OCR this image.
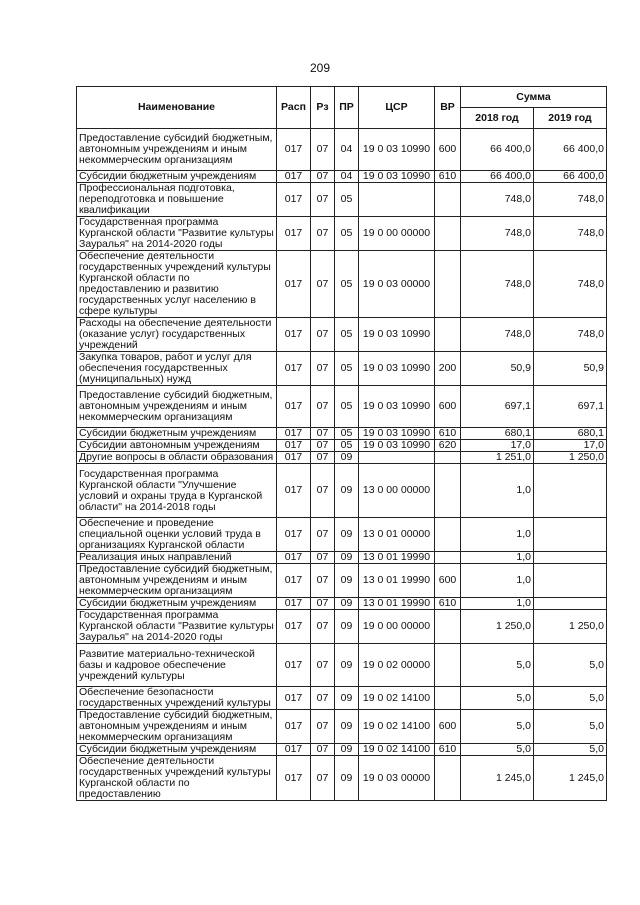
209
Наименование	Расп	Рз	ПР	ЦСР	ВР	Сумма	
						2018 год	2019 год
Предоставление субсидий бюджетным, автономным учреждениям и иным некоммерческим организациям	017	07	04	19 0 03 10990	600	66 400,0	66 400,0
Субсидии бюджетным учреждениям	017	07	04	19 0 03 10990	610	66 400,0	66 400,0
Профессиональная подготовка, переподготовка и повышение квалификации	017	07	05			748,0	748,0
Государственная программа Курганской области "Развитие культуры Зауралья" на 2014-2020 годы	017	07	05	19 0 00 00000		748,0	748,0
Обеспечение деятельности государственных учреждений культуры Курганской области по предоставлению и развитию государственных услуг населению в сфере культуры	017	07	05	19 0 03 00000		748,0	748,0
Расходы на обеспечение деятельности (оказание услуг) государственных учреждений	017	07	05	19 0 03 10990		748,0	748,0
Закупка товаров, работ и услуг для обеспечения государственных (муниципальных) нужд	017	07	05	19 0 03 10990	200	50,9	50,9
Предоставление субсидий бюджетным, автономным учреждениям и иным некоммерческим организациям	017	07	05	19 0 03 10990	600	697,1	697,1
Субсидии бюджетным учреждениям	017	07	05	19 0 03 10990	610	680,1	680,1
Субсидии автономным учреждениям	017	07	05	19 0 03 10990	620	17,0	17,0
Другие вопросы в области образования	017	07	09			1 251,0	1 250,0
Государственная программа Курганской области "Улучшение условий и охраны труда в Курганской области" на 2014-2018 годы	017	07	09	13 0 00 00000		1,0	
Обеспечение и проведение специальной оценки условий труда в организациях Курганской области	017	07	09	13 0 01 00000		1,0	
Реализация иных направлений	017	07	09	13 0 01 19990		1,0	
Предоставление субсидий бюджетным, автономным учреждениям и иным некоммерческим организациям	017	07	09	13 0 01 19990	600	1,0	
Субсидии бюджетным учреждениям	017	07	09	13 0 01 19990	610	1,0	
Государственная программа Курганской области "Развитие культуры Зауралья" на 2014-2020 годы	017	07	09	19 0 00 00000		1 250,0	1 250,0
Развитие материально-технической базы и кадровое обеспечение учреждений культуры	017	07	09	19 0 02 00000		5,0	5,0
Обеспечение безопасности государственных учреждений культуры	017	07	09	19 0 02 14100		5,0	5,0
Предоставление субсидий бюджетным, автономным учреждениям и иным некоммерческим организациям	017	07	09	19 0 02 14100	600	5,0	5,0
Субсидии бюджетным учреждениям	017	07	09	19 0 02 14100	610	5,0	5,0
Обеспечение деятельности государственных учреждений культуры Курганской области по предоставлению	017	07	09	19 0 03 00000		1 245,0	1 245,0
